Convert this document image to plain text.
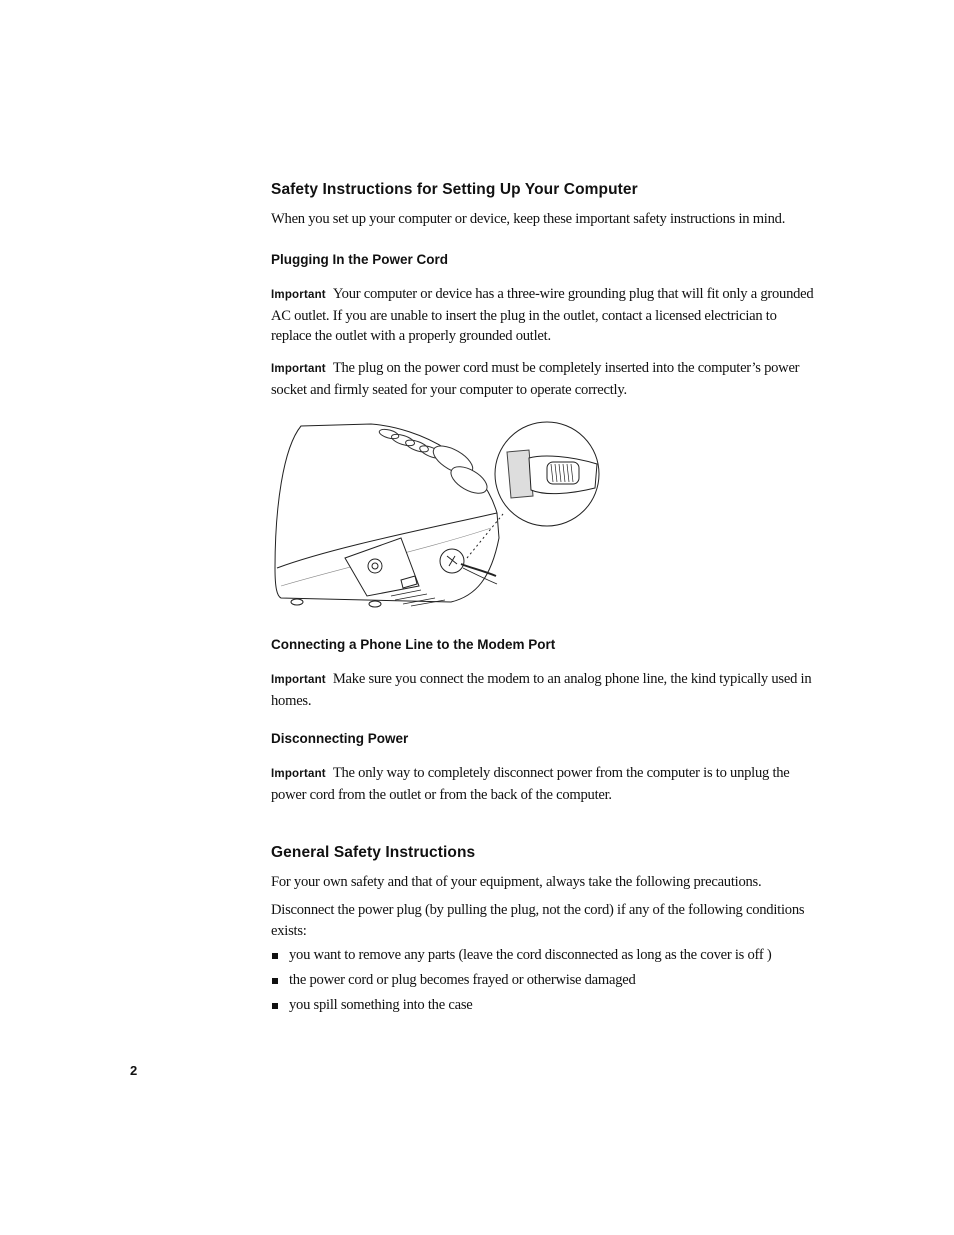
Safety Instructions for Setting Up Your Computer

When you set up your computer or device, keep these important safety instructions in mind.

Plugging In the Power Cord

Important Your computer or device has a three-wire grounding plug that will fit only a grounded AC outlet. If you are unable to insert the plug in the outlet, contact a licensed electrician to replace the outlet with a properly grounded outlet.

Important The plug on the power cord must be completely inserted into the computer’s power socket and firmly seated for your computer to operate correctly.

Connecting a Phone Line to the Modem Port

Important Make sure you connect the modem to an analog phone line, the kind typically used in homes.

Disconnecting Power

Important The only way to completely disconnect power from the computer is to unplug the power cord from the outlet or from the back of the computer.

General Safety Instructions

For your own safety and that of your equipment, always take the following precautions.

Disconnect the power plug (by pulling the plug, not the cord) if any of the following conditions exists:

you want to remove any parts (leave the cord disconnected as long as the cover is off )
the power cord or plug becomes frayed or otherwise damaged
you spill something into the case
2
